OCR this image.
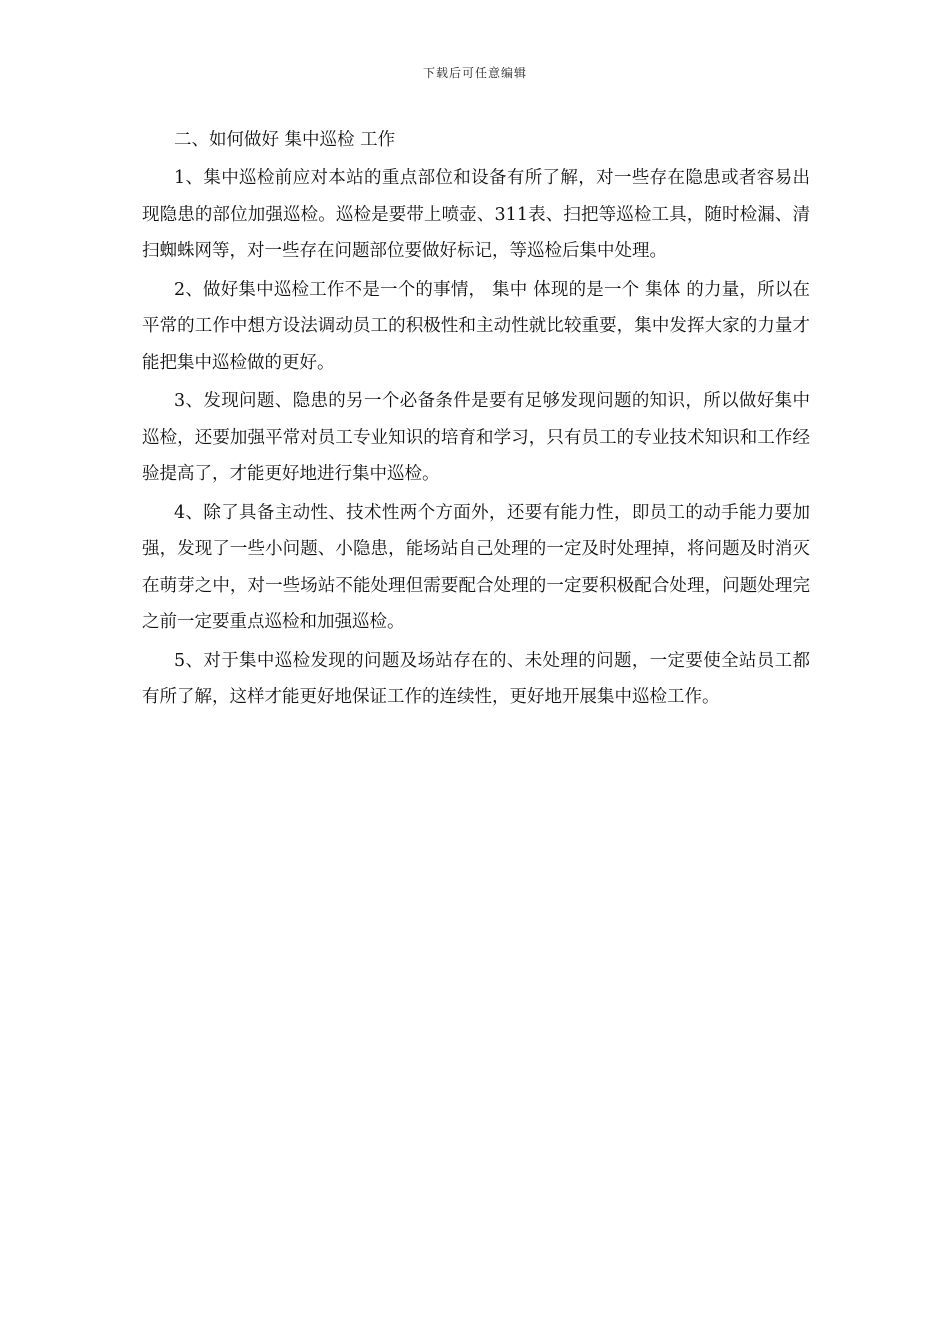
下载后可任意编辑
二、如何做好 集中巡检 工作

1、集中巡检前应对本站的重点部位和设备有所了解，对一些存在隐患或者容易出现隐患的部位加强巡检。巡检是要带上喷壶、311表、扫把等巡检工具，随时检漏、清扫蜘蛛网等，对一些存在问题部位要做好标记，等巡检后集中处理。

2、做好集中巡检工作不是一个的事情， 集中 体现的是一个 集体 的力量，所以在平常的工作中想方设法调动员工的积极性和主动性就比较重要，集中发挥大家的力量才能把集中巡检做的更好。

3、发现问题、隐患的另一个必备条件是要有足够发现问题的知识，所以做好集中巡检，还要加强平常对员工专业知识的培育和学习，只有员工的专业技术知识和工作经验提高了，才能更好地进行集中巡检。

4、除了具备主动性、技术性两个方面外，还要有能力性，即员工的动手能力要加强，发现了一些小问题、小隐患，能场站自己处理的一定及时处理掉，将问题及时消灭在萌芽之中，对一些场站不能处理但需要配合处理的一定要积极配合处理，问题处理完之前一定要重点巡检和加强巡检。

5、对于集中巡检发现的问题及场站存在的、未处理的问题，一定要使全站员工都有所了解，这样才能更好地保证工作的连续性，更好地开展集中巡检工作。
